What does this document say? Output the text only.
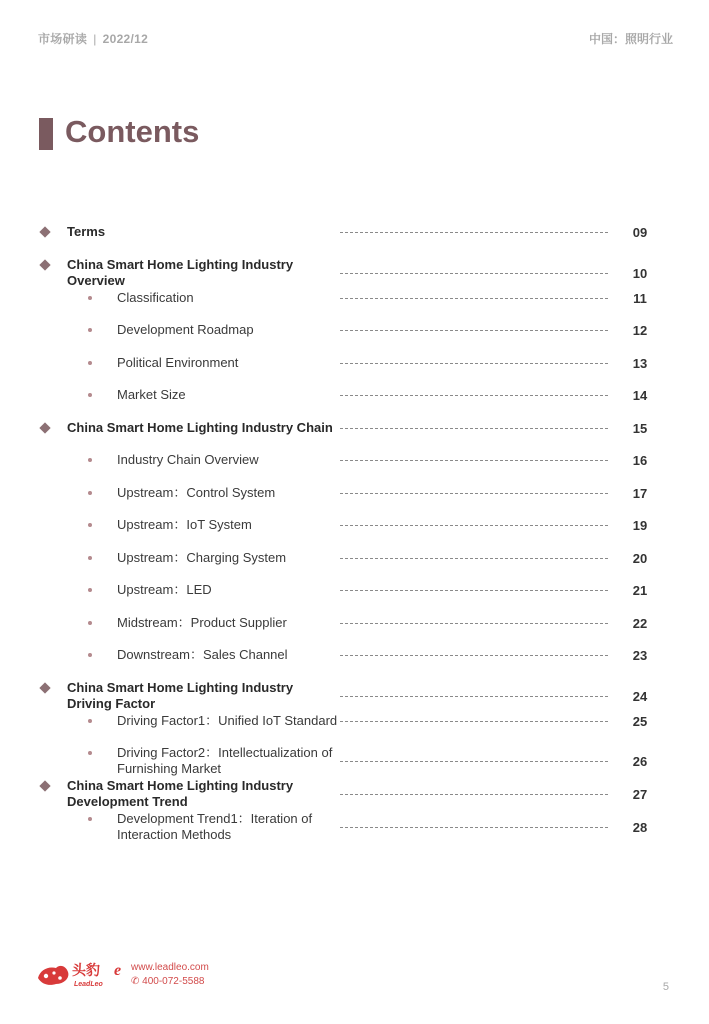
市场研读 | 2022/12	中国：照明行业
Contents
Terms	09
China Smart Home Lighting Industry
Overview	10
Classification	11
Development Roadmap	12
Political Environment	13
Market Size	14
China Smart Home Lighting Industry Chain	15
Industry Chain Overview	16
Upstream：Control System	17
Upstream：IoT System	19
Upstream：Charging System	20
Upstream：LED	21
Midstream：Product Supplier	22
Downstream：Sales Channel	23
China Smart Home Lighting Industry
Driving Factor	24
Driving Factor1：Unified IoT Standard	25
Driving Factor2：Intellectualization of
Furnishing Market	26
China Smart Home Lighting Industry
Development Trend	27
Development Trend1：Iteration of
Interaction Methods	28
头豹
LeadLeo
e www.leadleo.com
✆ 400-072-5588	5
